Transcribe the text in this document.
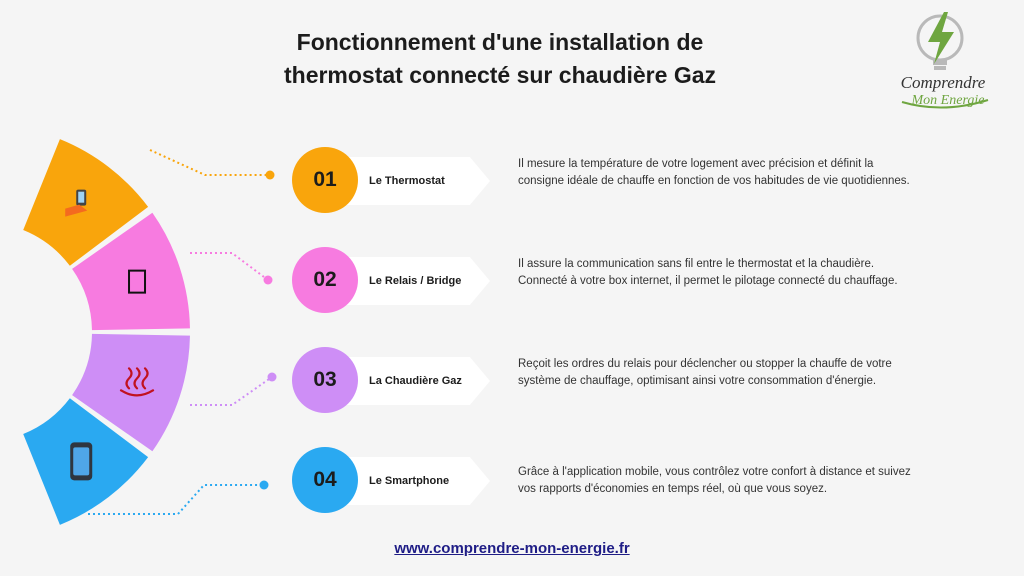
Fonctionnement d'une installation de
thermostat connecté sur chaudière Gaz	Comprendre
Mon Energie
Le Thermostat
01
Le Relais / Bridge
02
La Chaudière Gaz
03
Le Smartphone
04
Il mesure la température de votre logement avec précision et définit la consigne idéale de chauffe en fonction de vos habitudes de vie quotidiennes.
Il assure la communication sans fil entre le thermostat et la chaudière. Connecté à votre box internet, il permet le pilotage connecté du chauffage.
Reçoit les ordres du relais pour déclencher ou stopper la chauffe de votre système de chauffage, optimisant ainsi votre consommation d'énergie.
Grâce à l'application mobile, vous contrôlez votre confort à distance et suivez vos rapports d'économies en temps réel, où que vous soyez.
www.comprendre-mon-energie.fr
